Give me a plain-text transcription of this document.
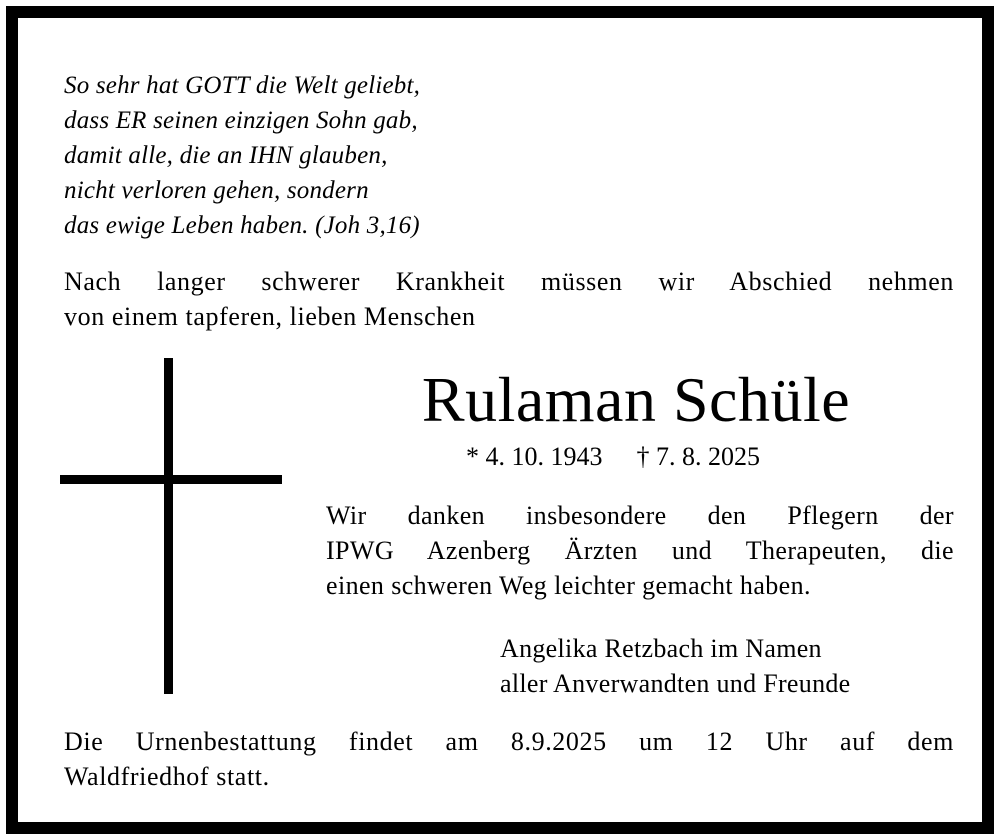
So sehr hat GOTT die Welt geliebt,
dass ER seinen einzigen Sohn gab,
damit alle, die an IHN glauben,
nicht verloren gehen, sondern
das ewige Leben haben. (Joh 3,16)
Nach langer schwerer Krankheit müssen wir Abschied nehmen
von einem tapferen, lieben Menschen
Rulaman Schüle
* 4. 10. 1943 † 7. 8. 2025
Wir danken insbesondere den Pflegern der
IPWG Azenberg Ärzten und Therapeuten, die
einen schweren Weg leichter gemacht haben.
Angelika Retzbach im Namen
aller Anverwandten und Freunde
Die Urnenbestattung findet am 8.9.2025 um 12 Uhr auf dem
Waldfriedhof statt.
